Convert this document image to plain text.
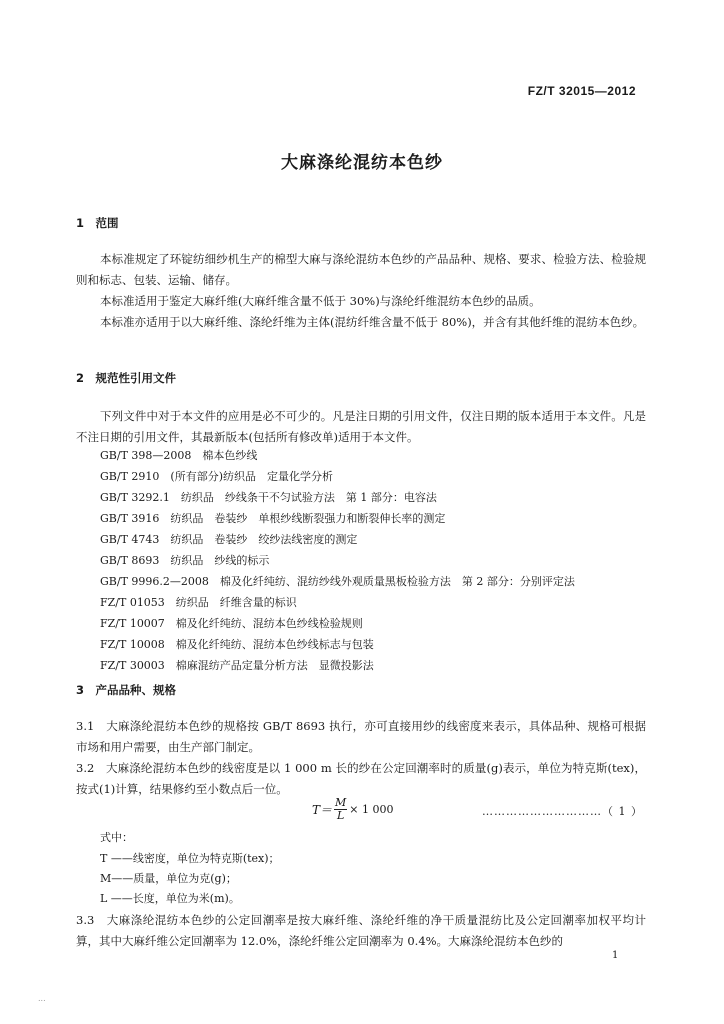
FZ/T 32015—2012
大麻涤纶混纺本色纱
1　范围
本标准规定了环锭纺细纱机生产的棉型大麻与涤纶混纺本色纱的产品品种、规格、要求、检验方法、检验规则和标志、包装、运输、储存。
本标准适用于鉴定大麻纤维(大麻纤维含量不低于 30%)与涤纶纤维混纺本色纱的品质。
本标准亦适用于以大麻纤维、涤纶纤维为主体(混纺纤维含量不低于 80%)，并含有其他纤维的混纺本色纱。
2　规范性引用文件
下列文件中对于本文件的应用是必不可少的。凡是注日期的引用文件，仅注日期的版本适用于本文件。凡是不注日期的引用文件，其最新版本(包括所有修改单)适用于本文件。
GB/T 398—2008　棉本色纱线
GB/T 2910　(所有部分)纺织品　定量化学分析
GB/T 3292.1　纺织品　纱线条干不匀试验方法　第 1 部分：电容法
GB/T 3916　纺织品　卷装纱　单根纱线断裂强力和断裂伸长率的测定
GB/T 4743　纺织品　卷装纱　绞纱法线密度的测定
GB/T 8693　纺织品　纱线的标示
GB/T 9996.2—2008　棉及化纤纯纺、混纺纱线外观质量黑板检验方法　第 2 部分：分别评定法
FZ/T 01053　纺织品　纤维含量的标识
FZ/T 10007　棉及化纤纯纺、混纺本色纱线检验规则
FZ/T 10008　棉及化纤纯纺、混纺本色纱线标志与包装
FZ/T 30003　棉麻混纺产品定量分析方法　显微投影法
3　产品品种、规格
3.1　大麻涤纶混纺本色纱的规格按 GB/T 8693 执行，亦可直接用纱的线密度来表示，具体品种、规格可根据市场和用户需要，由生产部门制定。
3.2　大麻涤纶混纺本色纱的线密度是以 1 000 m 长的纱在公定回潮率时的质量(g)表示，单位为特克斯(tex)，按式(1)计算，结果修约至小数点后一位。
$T= \frac{M}{L} \times 1$ 000	…………………………（ 1 ）
式中：
T ——线密度，单位为特克斯(tex)；
M——质量，单位为克(g)；
L ——长度，单位为米(m)。
3.3　大麻涤纶混纺本色纱的公定回潮率是按大麻纤维、涤纶纤维的净干质量混纺比及公定回潮率加权平均计算，其中大麻纤维公定回潮率为 12.0%，涤纶纤维公定回潮率为 0.4%。大麻涤纶混纺本色纱的
1
...
